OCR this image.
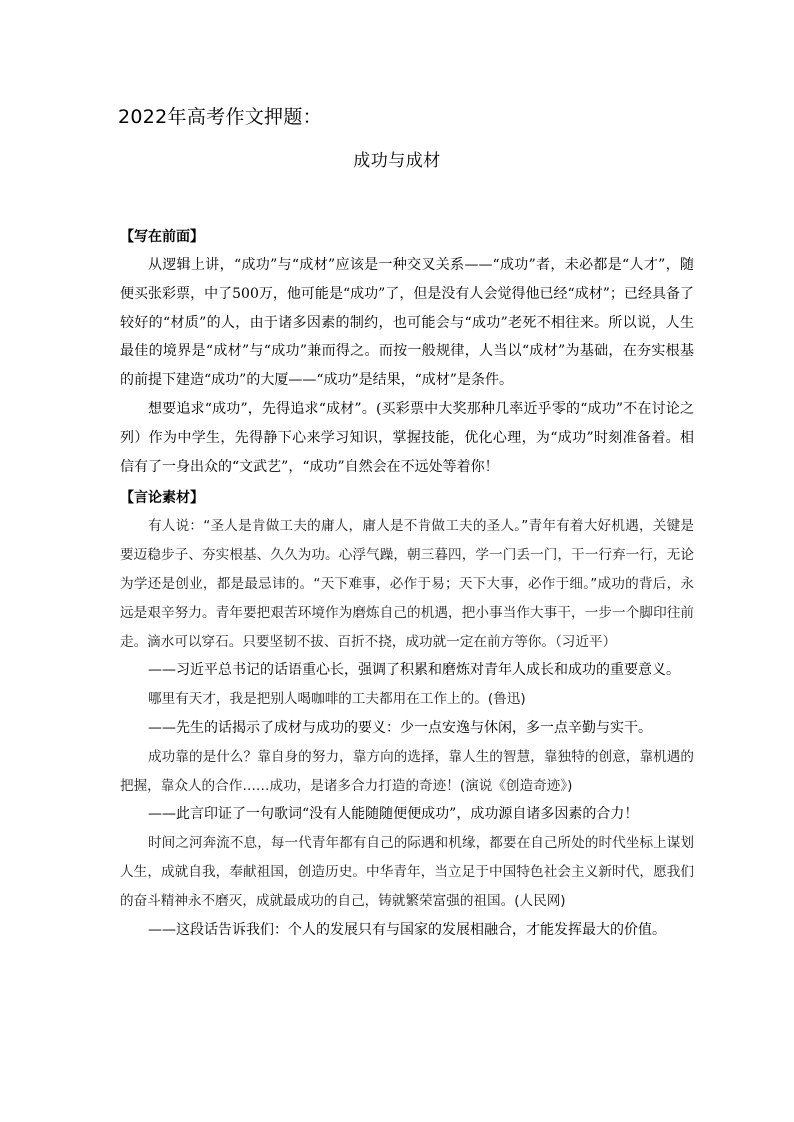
2022年高考作文押题：
成功与成材
【写在前面】

从逻辑上讲，“成功”与“成材”应该是一种交叉关系——“成功”者，未必都是“人才”，随便买张彩票，中了500万，他可能是“成功”了，但是没有人会觉得他已经“成材”；已经具备了较好的“材质”的人，由于诸多因素的制约，也可能会与“成功”老死不相往来。所以说，人生最佳的境界是“成材”与“成功”兼而得之。而按一般规律，人当以“成材”为基础，在夯实根基的前提下建造“成功”的大厦——“成功”是结果，“成材”是条件。

想要追求“成功”，先得追求“成材”。(买彩票中大奖那种几率近乎零的“成功”不在讨论之列）作为中学生，先得静下心来学习知识，掌握技能，优化心理，为“成功”时刻准备着。相信有了一身出众的“文武艺”，“成功”自然会在不远处等着你！

【言论素材】

有人说：“圣人是肯做工夫的庸人，庸人是不肯做工夫的圣人。”青年有着大好机遇，关键是要迈稳步子、夯实根基、久久为功。心浮气躁，朝三暮四，学一门丢一门，干一行弃一行，无论为学还是创业，都是最忌讳的。“天下难事，必作于易；天下大事，必作于细。”成功的背后，永远是艰辛努力。青年要把艰苦环境作为磨炼自己的机遇，把小事当作大事干，一步一个脚印往前走。滴水可以穿石。只要坚韧不拔、百折不挠，成功就一定在前方等你。（习近平）

——习近平总书记的话语重心长，强调了积累和磨炼对青年人成长和成功的重要意义。

哪里有天才，我是把别人喝咖啡的工夫都用在工作上的。(鲁迅)

——先生的话揭示了成材与成功的要义：少一点安逸与休闲，多一点辛勤与实干。

成功靠的是什么？靠自身的努力，靠方向的选择，靠人生的智慧，靠独特的创意，靠机遇的把握，靠众人的合作……成功，是诸多合力打造的奇迹！(演说《创造奇迹》)

——此言印证了一句歌词“没有人能随随便便成功”，成功源自诸多因素的合力！

时间之河奔流不息，每一代青年都有自己的际遇和机缘，都要在自己所处的时代坐标上谋划人生，成就自我，奉献祖国，创造历史。中华青年，当立足于中国特色社会主义新时代，愿我们的奋斗精神永不磨灭，成就最成功的自己，铸就繁荣富强的祖国。(人民网)

——这段话告诉我们：个人的发展只有与国家的发展相融合，才能发挥最大的价值。
